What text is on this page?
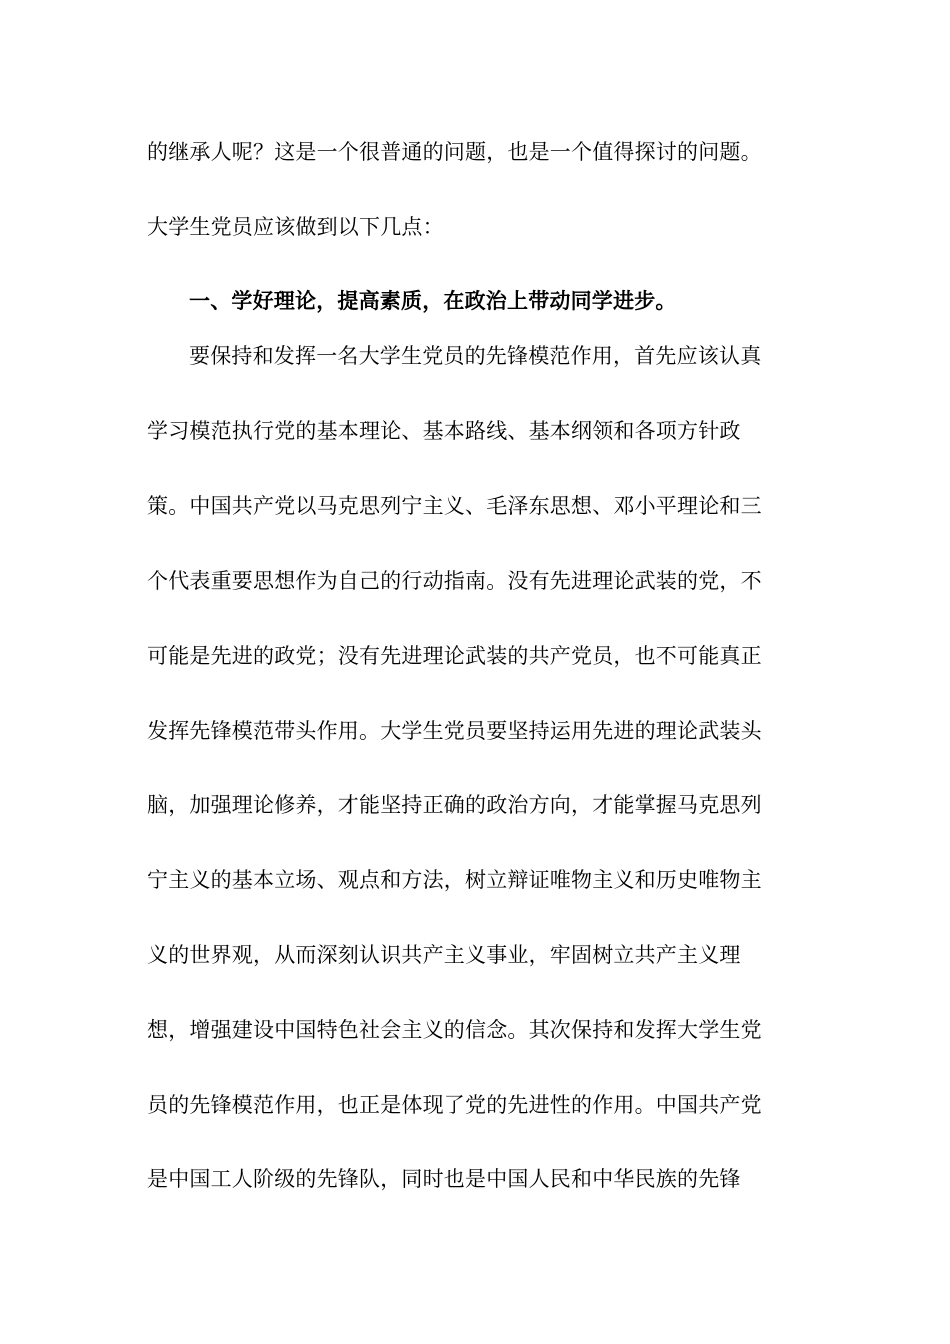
的继承人呢？这是一个很普通的问题，也是一个值得探讨的问题。
大学生党员应该做到以下几点：
一、学好理论，提高素质，在政治上带动同学进步。
要保持和发挥一名大学生党员的先锋模范作用，首先应该认真
学习模范执行党的基本理论、基本路线、基本纲领和各项方针政
策。中国共产党以马克思列宁主义、毛泽东思想、邓小平理论和三
个代表重要思想作为自己的行动指南。没有先进理论武装的党，不
可能是先进的政党；没有先进理论武装的共产党员，也不可能真正
发挥先锋模范带头作用。大学生党员要坚持运用先进的理论武装头
脑，加强理论修养，才能坚持正确的政治方向，才能掌握马克思列
宁主义的基本立场、观点和方法，树立辩证唯物主义和历史唯物主
义的世界观，从而深刻认识共产主义事业，牢固树立共产主义理
想，增强建设中国特色社会主义的信念。其次保持和发挥大学生党
员的先锋模范作用，也正是体现了党的先进性的作用。中国共产党
是中国工人阶级的先锋队，同时也是中国人民和中华民族的先锋
